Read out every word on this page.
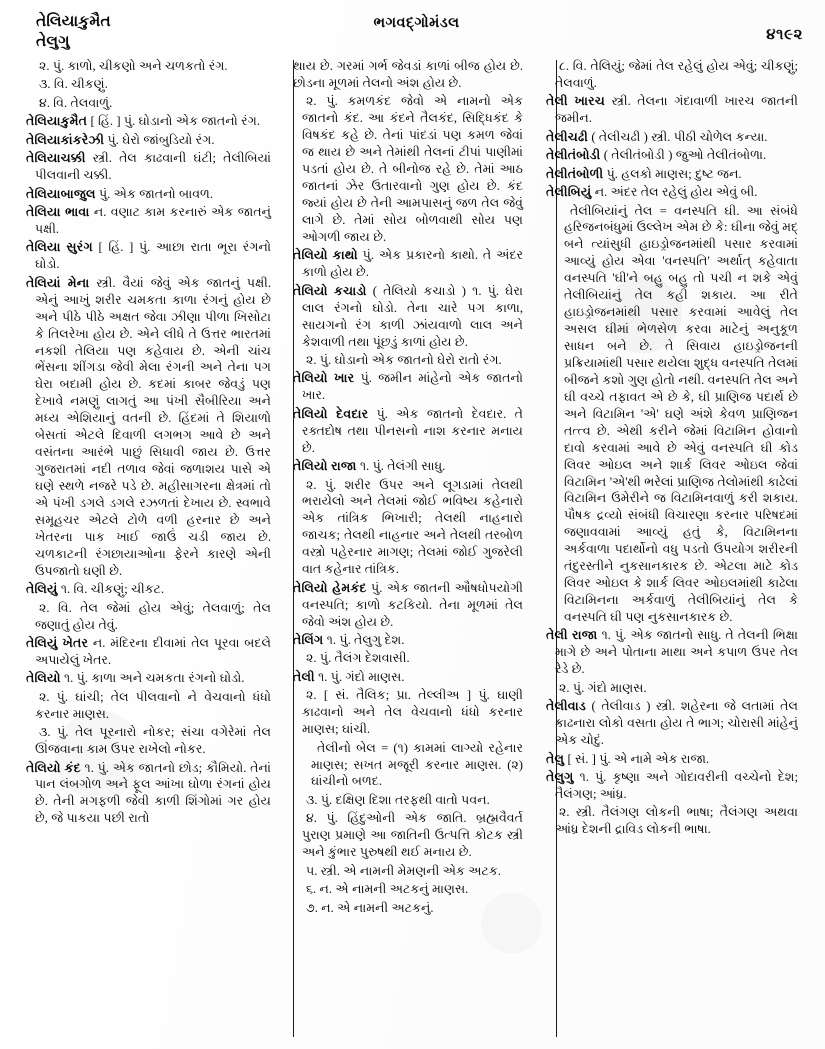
તેલિયાકુમૈત
તેલુગુ
ભગવદ્‌ગોમંડલ
૪૧૯૨

૨. પું. કાળો, ચીકણો અને ચળકતો રંગ.

૩. વિ. ચીકણું.

૪. વિ. તેલવાળું.

તેલિયાકુમૈત [ હિં. ] પું. ઘોડાનો એક જાતનો રંગ.

તેલિયાકાંકરેઝી પું. ઘેરો જાંબુડિયો રંગ.

તેલિયાચક્કી સ્ત્રી. તેલ કાઢવાની ઘંટી; તેલીબિયાં પીલવાની ચક્કી.

તેલિયાબાજુલ પું. એક જાતનો બાવળ.

તેલિયા ભાવા ન. વણાટ કામ કરનારું એક જાતનું પક્ષી.

તેલિયા સુરંગ [ હિં. ] પું. આછા રાતા ભૂરા રંગનો ઘોડો.

તેલિયાં મેના સ્ત્રી. વૈયાં જેવું એક જાતનું પક્ષી. એનું આખું શરીર ચમકતા કાળા રંગનું હોય છે અને પીઠે પીઠે અક્ષત જેવા ઝીણા પીળા ખિસોટા કે તિલરેખા હોય છે. એને લીધે તે ઉત્તર ભારતમાં નકશી તેલિયા પણ કહેવાય છે. એની ચાંચ ભેંસના શીંગડા જેવી મેલા રંગની અને તેના પગ ઘેરા બદામી હોય છે. કદમાં કાબર જેવડું પણ દેખાવે નમણું લાગતું આ પંખી સૈબીરિયા અને મધ્ય એશિયાનું વતની છે. હિંદમાં તે શિયાળો બેસતાં એટલે દિવાળી લગભગ આવે છે અને વસંતના આરંભે પાછું સિધાવી જાય છે. ઉત્તર ગુજરાતમાં નદી તળાવ જેવાં જળાશય પાસે એ ઘણે સ્થળે નજરે પડે છે. મહીસાગરના ક્ષેત્રમાં તો એ પંખી ડગલે ડગલે રઝળતાં દેખાય છે. સ્વભાવે સમૂહચર એટલે ટોળે વળી હરનાર છે અને ખેતરના પાક ખાઈ જાઉં ચડી જાય છે. ચળકાટની રંગછાયાઓના ફેરને કારણે એની ઉપજાતો ઘણી છે.

તેલિયું ૧. વિ. ચીકણું; ચીકટ.

૨. વિ. તેલ જેમાં હોય એવું; તેલવાળું; તેલ જણાતું હોય તેવું.

તેલિયું ખેતર ન. મંદિરના દીવામાં તેલ પૂરવા બદલે અપાયેલું ખેતર.

તેલિયો ૧. પું. કાળા અને ચમકતા રંગનો ઘોડો.

૨. પું. ઘાંચી; તેલ પીલવાનો ને વેચવાનો ધંધો કરનાર માણસ.

૩. પું. તેલ પૂરનારો નોકર; સંચા વગેરેમાં તેલ ઊંજવાના કામ ઉપર રાખેલો નોકર.

તેલિયો કંદ ૧. પું. એક જાતનો છોડ; કૌમિયો. તેનાં પાન લંબગોળ અને ફૂલ આંખા ઘોળા રંગનાં હોય છે. તેની મગફળી જેવી કાળી શિંગોમાં ગર હોય છે, જે પાકયા પછી રાતો

થાય છે. ગરમાં ગર્ભ જેવડાં કાળાં બીજ હોય છે. છોડના મૂળમાં તેલનો અંશ હોય છે.

૨. પું. કમળકંદ જેવો એ નામનો એક જાતનો કંદ. આ કંદને તૈલકંદ, સિદ્ધિકંદ કે વિષકંદ કહે છે. તેનાં પાંદડાં પણ કમળ જેવાં જ થાય છે અને તેમાંથી તેલનાં ટીપાં પાણીમાં પડતાં હોય છે. તે બીનોજ રહે છે. તેમાં આઠ જાતનાં ઝેર ઉતારવાનો ગુણ હોય છે. કંદ જ્યાં હોય છે તેની આમપાસનું જળ તેલ જેવું લાગે છે. તેમાં સોય બોળવાથી સોય પણ ઓગળી જાય છે.

તેલિયો કાથો પું. એક પ્રકારનો કાથો. તે અંદર કાળો હોય છે.

તેલિયો કચાડો ( તેલિયો કચાડો ) ૧. પું. ઘેરા લાલ રંગનો ઘોડો. તેના ચારે પગ કાળા, સાયગનો રંગ કાળી ઝાંયવાળો લાલ અને કેશવાળી તથા પૂંછડું કાળાં હોય છે.

૨. પું. ઘોડાનો એક જાતનો ઘેરો રાતો રંગ.

તેલિયો ખાર પું. જમીન માંહેનો એક જાતનો ખાર.

તેલિયો દેવદાર પું. એક જાતનો દેવદાર. તે રક્તદોષ તથા પીનસનો નાશ કરનાર મનાય છે.

તેલિયો રાજા ૧. પું. તેલંગી સાધુ.

૨. પું. શરીર ઉપર અને લૂગડામાં તેલથી ભરાયેલો અને તેલમાં જોઈ ભવિષ્ય કહેનારો એક તાંત્રિક ભિખારી; તેલથી નાહનારો જાચક; તેલથી નાહનાર અને તેલથી તરબોળ વસ્ત્રો પહેરનાર માગણ; તેલમાં જોઈ ગુજરેલી વાત કહેનાર તાંત્રિક.

તેલિયો હેમકંદ પું. એક જાતની ઔષધોપયોગી વનસ્પતિ; કાળો કટકિયો. તેના મૂળમાં તેલ જેવો અંશ હોય છે.

તેલિંગ ૧. પું. તેલુગુ દેશ.

૨. પું. તૈલંગ દેશવાસી.

તેલી ૧. પું. ગંદો માણસ.

૨. [ સં. તૈલિક; પ્રા. તેલ્લીઅ ] પું. ઘાણી કાઢવાનો અને તેલ વેચવાનો ધંધો કરનાર માણસ; ઘાંચી.

તેલીનો બેલ = (૧) કામમાં લાગ્યો રહેનાર માણસ; સખત મજૂરી કરનાર માણસ. (૨) ઘાંચીનો બળદ.

૩. પું. દક્ષિણ દિશા તરફથી વાતો પવન.

૪. પું. હિંદુઓની એક જાતિ. બ્રહ્મવૈવર્ત પુરાણ પ્રમાણે આ જાતિની ઉત્પત્તિ કોટક સ્ત્રી અને કુંભાર પુરુષથી થઈ મનાય છે.

૫. સ્ત્રી. એ નામની મેમણની એક અટક.

૬. ન. એ નામની અટકનું માણસ.

૭. ન. એ નામની અટકનું.

૮. વિ. તેલિયું; જેમાં તેલ રહેલું હોય એવું; ચીકણું; તેલવાળું.

તેલી ખારચ સ્ત્રી. તેલના ગંદાવાળી ખારચ જાતની જમીન.

તેલીચઢી ( તેલીચઢી ) સ્ત્રી. પીઠી ચોળેલ કન્યા.

તેલીતંબોડી ( તેલીતંબોડી ) જુઓ તેલીતંબોળા.

તેલીતંબોળી પું. હલકો માણસ; દુષ્ટ જન.

તેલીબિયું ન. અંદર તેલ રહેલું હોય એવું બી.

તેલીબિયાંનું તેલ = વનસ્પતિ ઘી. આ સંબંધે હરિજનબંધુમાં ઉલ્લેખ એમ છે કે: ઘીના જેવું મદ્ બને ત્યાંસુધી હાઇડ્રોજનમાંથી પસાર કરવામાં આવ્યું હોય એવા 'વનસ્પતિ' અર્થાત્ કહેવાતા વનસ્પતિ 'ઘી'ને બહુ બહુ તો પચી ન શકે એવું તેલીબિયાંનું તેલ કહી શકાય. આ રીતે હાઇડ્રોજનમાંથી પસાર કરવામાં આવેલું તેલ અસલ ઘીમાં ભેળસેળ કરવા માટેનું અનુકૂળ સાધન બને છે. તે સિવાય હાઇડ્રોજનની પ્રક્રિયામાંથી પસાર થયેલા શુદ્ધ વનસ્પતિ તેલમાં બીજને કશો ગુણ હોતો નથી. વનસ્પતિ તેલ અને ઘી વચ્ચે તફાવત એ છે કે, ઘી પ્રાણિજ પદાર્થ છે અને વિટામિન 'એ' ઘણે અંશે કેવળ પ્રાણિજન તત્ત્વ છે. એથી કરીને જેમાં વિટામિન હોવાનો દાવો કરવામાં આવે છે એવું વનસ્પતિ ઘી કોડ લિવર ઓઇલ અને શાર્ક લિવર ઓઇલ જેવાં વિટામિન 'એ'થી ભરેલાં પ્રાણિજ તેલોમાંથી કાઢેલાં વિટામિન ઉમેરીને જ વિટામિનવાળું કરી શકાય. પૌષક દ્રવ્યો સંબંધી વિચારણા કરનાર પરિષદમાં જણાવવામાં આવ્યું હતું કે, વિટામિનના અર્કવાળા પદાર્થોનો વધુ પડતો ઉપયોગ શરીરની તંદુરસ્તીને નુકસાનકારક છે. એટલા માટે કોડ લિવર ઓઇલ કે શાર્ક લિવર ઓઇલમાંથી કાઢેલા વિટામિનના અર્કવાળું તેલીબિયાંનું તેલ કે વનસ્પતિ ઘી પણ નુકસાનકારક છે.

તેલી રાજા ૧. પું. એક જાતનો સાધુ. તે તેલની ભિક્ષા માગે છે અને પોતાના માથા અને કપાળ ઉપર તેલ રેડે છે.

૨. પું. ગંદો માણસ.

તેલીવાડ ( તેલીવાડ ) સ્ત્રી. શહેરના જે લતામાં તેલ કાઢનારા લોકો વસતા હોય તે ભાગ; ચોરાસી માંહેનું એક ચોદું.

તેલુ [ સં. ] પું. એ નામે એક રાજા.

તેલુગુ ૧. પું. કૃષ્ણા અને ગોદાવરીની વચ્ચેનો દેશ; તૈલંગણ; આંધ્ર.

૨. સ્ત્રી. તૈલંગણ લોકની ભાષા; તૈલંગણ અથવા આંધ્ર દેશની દ્રાવિડ લોકની ભાષા.
